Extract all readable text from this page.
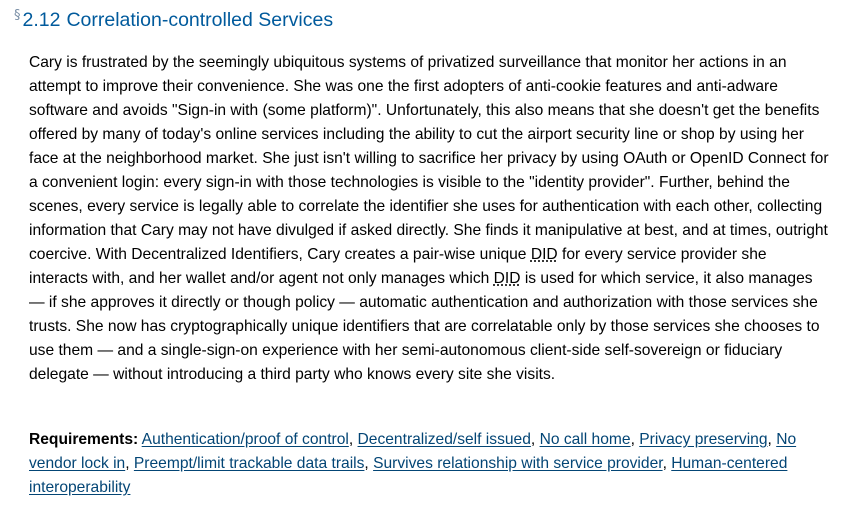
§ 2.12 Correlation-controlled Services

Cary is frustrated by the seemingly ubiquitous systems of privatized surveillance that monitor her actions in an attempt to improve their convenience. She was one the first adopters of anti-cookie features and anti-adware software and avoids "Sign-in with (some platform)". Unfortunately, this also means that she doesn't get the benefits offered by many of today's online services including the ability to cut the airport security line or shop by using her face at the neighborhood market. She just isn't willing to sacrifice her privacy by using OAuth or OpenID Connect for a convenient login: every sign-in with those technologies is visible to the "identity provider". Further, behind the scenes, every service is legally able to correlate the identifier she uses for authentication with each other, collecting information that Cary may not have divulged if asked directly. She finds it manipulative at best, and at times, outright coercive. With Decentralized Identifiers, Cary creates a pair-wise unique DID for every service provider she interacts with, and her wallet and/or agent not only manages which DID is used for which service, it also manages — if she approves it directly or though policy — automatic authentication and authorization with those services she trusts. She now has cryptographically unique identifiers that are correlatable only by those services she chooses to use them — and a single-sign-on experience with her semi-autonomous client-side self-sovereign or fiduciary delegate — without introducing a third party who knows every site she visits.

Requirements: Authentication/proof of control, Decentralized/self issued, No call home, Privacy preserving, No vendor lock in, Preempt/limit trackable data trails, Survives relationship with service provider, Human-centered interoperability
